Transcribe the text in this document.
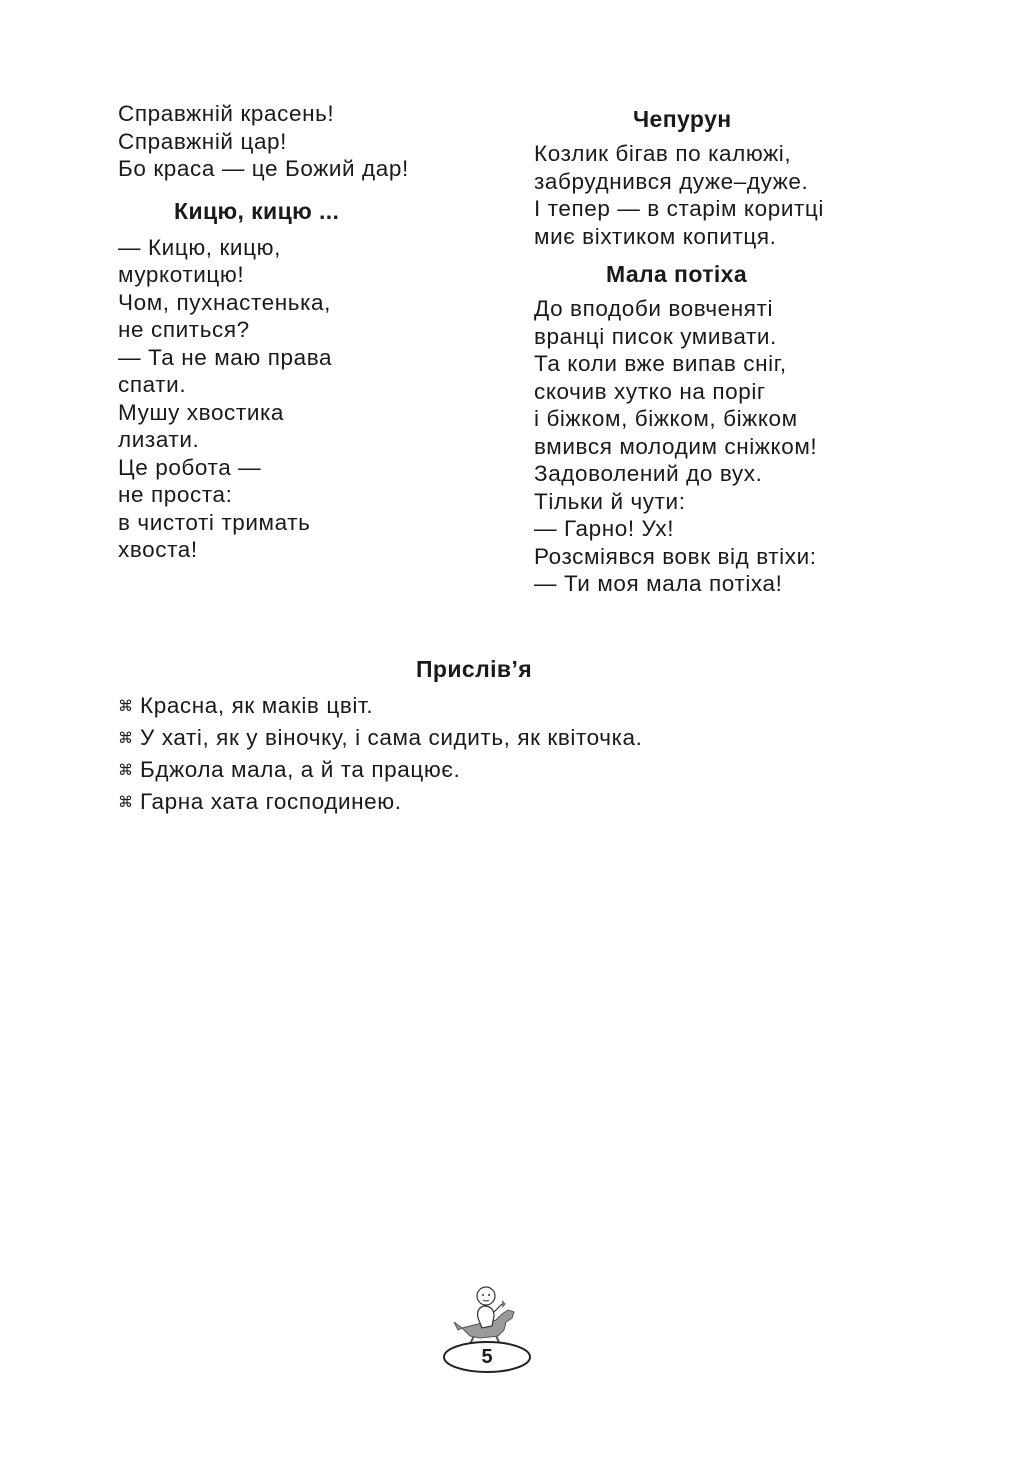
Справжній красень!
Справжній цар!
Бо краса — це Божий дар!
Кицю, кицю ...
— Кицю, кицю,
муркотицю!
Чом, пухнастенька,
не спиться?
— Та не маю права
спати.
Мушу хвостика
лизати.
Це робота —
не проста:
в чистоті тримать
хвоста!
Чепурун
Козлик бігав по калюжі,
забруднився дуже–дуже.
І тепер — в старім коритці
миє віхтиком копитця.
Мала потіха
До вподоби вовченяті
вранці писок умивати.
Та коли вже випав сніг,
скочив хутко на поріг
і біжком, біжком, біжком
вмився молодим сніжком!
Задоволений до вух.
Тільки й чути:
— Гарно! Ух!
Розсміявся вовк від втіхи:
— Ти моя мала потіха!
Прислів’я
⌘ Красна, як маків цвіт.
⌘ У хаті, як у віночку, і сама сидить, як квіточка.
⌘ Бджола мала, а й та працює.
⌘ Гарна хата господинею.
5
